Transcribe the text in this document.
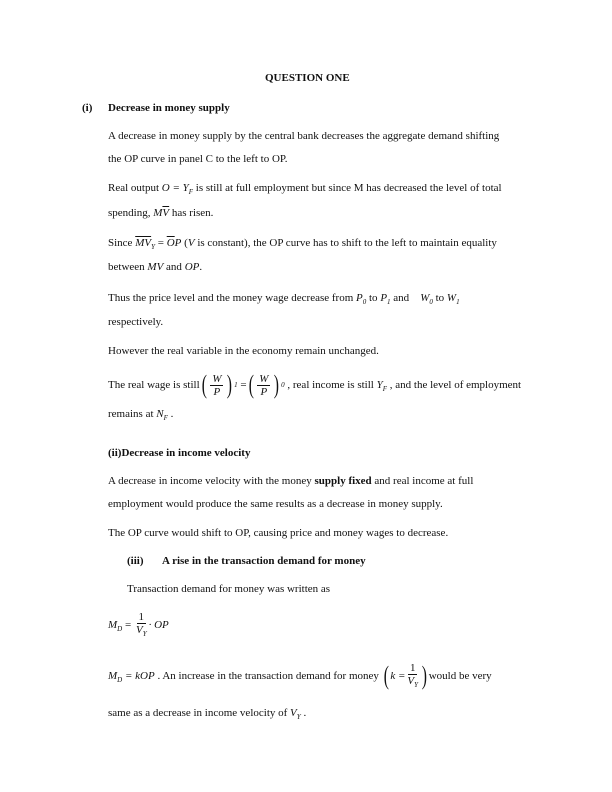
QUESTION ONE
(i) Decrease in money supply
A decrease in money supply by the central bank decreases the aggregate demand shifting
the OP curve in panel C to the left to OP.
Real output $O = Y_F$ is still at full employment but since M has decreased the level of total
spending, $M\overline{V}$ has risen.
Since $\overline{MV}_Y = \overline{O}P$ (V is constant), the OP curve has to shift to the left to maintain equality
between MV and OP.
Thus the price level and the money wage decrease from $P_0$ to $P_1$ and    $W_0$ to $W_1$
respectively.
However the real variable in the economy remain unchanged.
The real wage is still ( $\frac{W}{P}$ ) 1
= ( $\frac{W}{P}$ ) 0 , real income is still $Y_F$ , and the level of employment
remains at $N_F$ .
(ii)Decrease in income velocity
A decrease in income velocity with the money supply fixed and real income at full
employment would produce the same results as a decrease in money supply.
The OP curve would shift to OP, causing price and money wages to decrease.
(iii) A rise in the transaction demand for money
Transaction demand for money was written as
$M_D = \frac{1}{V_Y}$ · OP
$M_D$ = kOP . An increase in the transaction demand for money ( $k = \frac{1}{V_Y}$ ) would be very
same as a decrease in income velocity of $V_Y$ .
